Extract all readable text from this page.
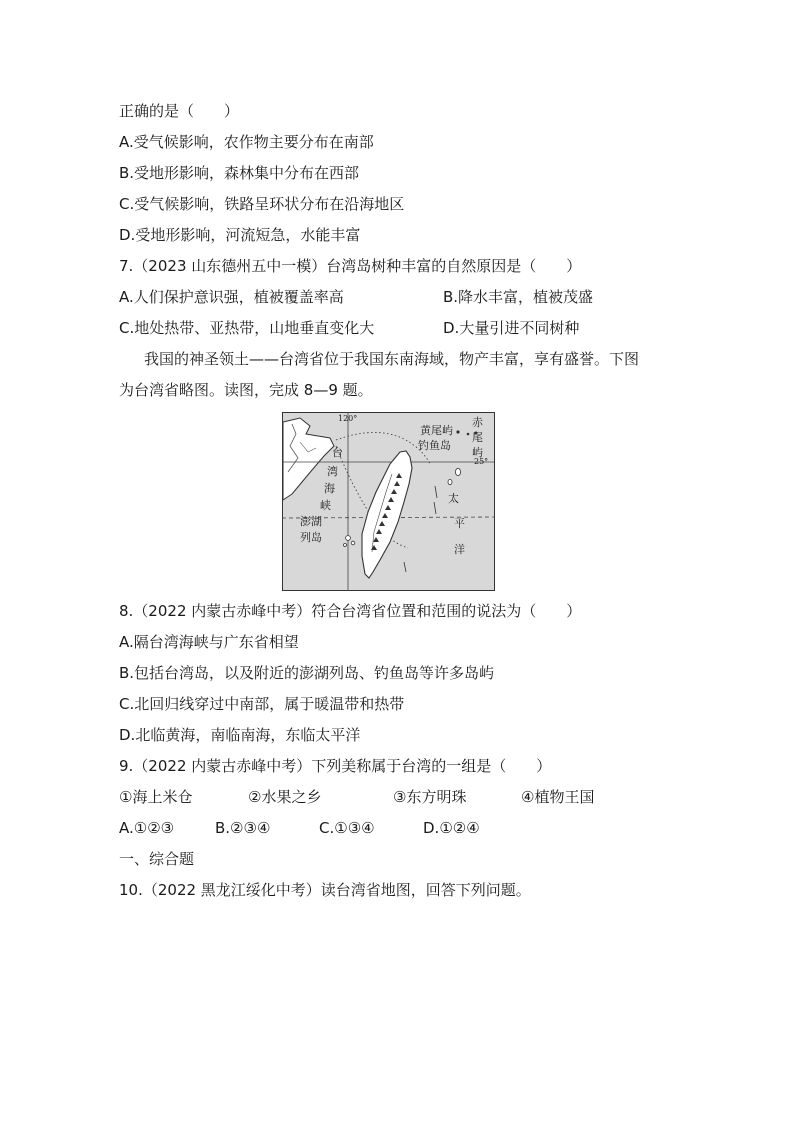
正确的是（　　）
A.受气候影响，农作物主要分布在南部
B.受地形影响，森林集中分布在西部
C.受气候影响，铁路呈环状分布在沿海地区
D.受地形影响，河流短急，水能丰富
7.（2023 山东德州五中一模）台湾岛树种丰富的自然原因是（　　）
A.人们保护意识强，植被覆盖率高	B.降水丰富，植被茂盛
C.地处热带、亚热带，山地垂直变化大	D.大量引进不同树种
我国的神圣领土——台湾省位于我国东南海域，物产丰富，享有盛誉。下图
为台湾省略图。读图，完成 8—9 题。
120°
25°
黄尾屿
钓鱼岛
赤
尾
屿
台
湾
海
峡
澎湖
列岛
太
平
洋
8.（2022 内蒙古赤峰中考）符合台湾省位置和范围的说法为（　　）
A.隔台湾海峡与广东省相望
B.包括台湾岛，以及附近的澎湖列岛、钓鱼岛等许多岛屿
C.北回归线穿过中南部，属于暖温带和热带
D.北临黄海，南临南海，东临太平洋
9.（2022 内蒙古赤峰中考）下列美称属于台湾的一组是（　　）
①海上米仓	②水果之乡	③东方明珠	④植物王国
A.①②③	B.②③④	C.①③④	D.①②④
一、综合题
10.（2022 黑龙江绥化中考）读台湾省地图，回答下列问题。
